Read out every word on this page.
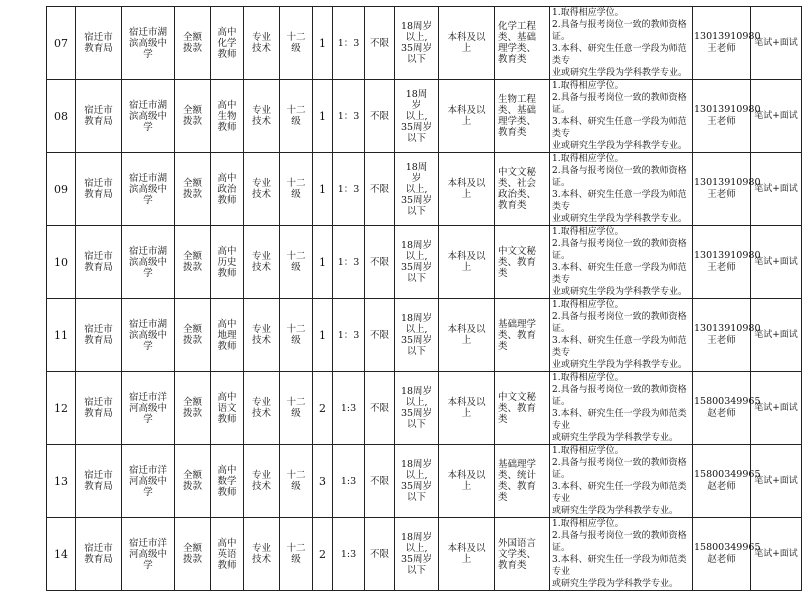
07	宿迁市
教育局	宿迁市湖
滨高级中
学	全额
拨款	高中
化学
教师	专业
技术	十二
级	1	1：3	不限	18周岁
以上,
35周岁
以下	本科及以
上	化学工程
类、基础
理学类、
教育类	1.取得相应学位。
2.具备与报考岗位一致的教师资格证。
3.本科、研究生任意一学段为师范类专
业或研究生学段为学科教学专业。	13013910980
王老师	笔试+面试
08	宿迁市
教育局	宿迁市湖
滨高级中
学	全额
拨款	高中
生物
教师	专业
技术	十二
级	1	1：3	不限	18周
岁
以上,
35周岁
以下	本科及以
上	生物工程
类、基础
理学类、
教育类	1.取得相应学位。
2.具备与报考岗位一致的教师资格证。
3.本科、研究生任意一学段为师范类专
业或研究生学段为学科教学专业。	13013910980
王老师	笔试+面试
09	宿迁市
教育局	宿迁市湖
滨高级中
学	全额
拨款	高中
政治
教师	专业
技术	十二
级	1	1：3	不限	18周
岁
以上,
35周岁
以下	本科及以
上	中文文秘
类、社会
政治类、
教育类	1.取得相应学位。
2.具备与报考岗位一致的教师资格证。
3.本科、研究生任意一学段为师范类专
业或研究生学段为学科教学专业。	13013910980
王老师	笔试+面试
10	宿迁市
教育局	宿迁市湖
滨高级中
学	全额
拨款	高中
历史
教师	专业
技术	十二
级	1	1：3	不限	18周岁
以上,
35周岁
以下	本科及以
上	中文文秘
类、教育
类	1.取得相应学位。
2.具备与报考岗位一致的教师资格证。
3.本科、研究生任意一学段为师范类专
业或研究生学段为学科教学专业。	13013910980
王老师	笔试+面试
11	宿迁市
教育局	宿迁市湖
滨高级中
学	全额
拨款	高中
地理
教师	专业
技术	十二
级	1	1：3	不限	18周岁
以上,
35周岁
以下	本科及以
上	基础理学
类、教育
类	1.取得相应学位。
2.具备与报考岗位一致的教师资格证。
3.本科、研究生任意一学段为师范类专
业或研究生学段为学科教学专业。	13013910980
王老师	笔试+面试
12	宿迁市
教育局	宿迁市洋
河高级中
学	全额
拨款	高中
语文
教师	专业
技术	十二
级	2	1:3	不限	18周岁
以上,
35周岁
以下	本科及以
上	中文文秘
类、教育
类	1.取得相应学位。
2.具备与报考岗位一致的教师资格证。
3.本科、研究生任一学段为师范类专业
或研究生学段为学科教学专业。	15800349965
赵老师	笔试+面试
13	宿迁市
教育局	宿迁市洋
河高级中
学	全额
拨款	高中
数学
教师	专业
技术	十二
级	3	1:3	不限	18周岁
以上,
35周岁
以下	本科及以
上	基础理学
类、统计
类、教育
类	1.取得相应学位。
2.具备与报考岗位一致的教师资格证。
3.本科、研究生任一学段为师范类专业
或研究生学段为学科教学专业。	15800349965
赵老师	笔试+面试
14	宿迁市
教育局	宿迁市洋
河高级中
学	全额
拨款	高中
英语
教师	专业
技术	十二
级	2	1:3	不限	18周岁
以上,
35周岁
以下	本科及以
上	外国语言
文学类、
教育类	1.取得相应学位。
2.具备与报考岗位一致的教师资格证。
3.本科、研究生任一学段为师范类专业
或研究生学段为学科教学专业。	15800349965
赵老师	笔试+面试
